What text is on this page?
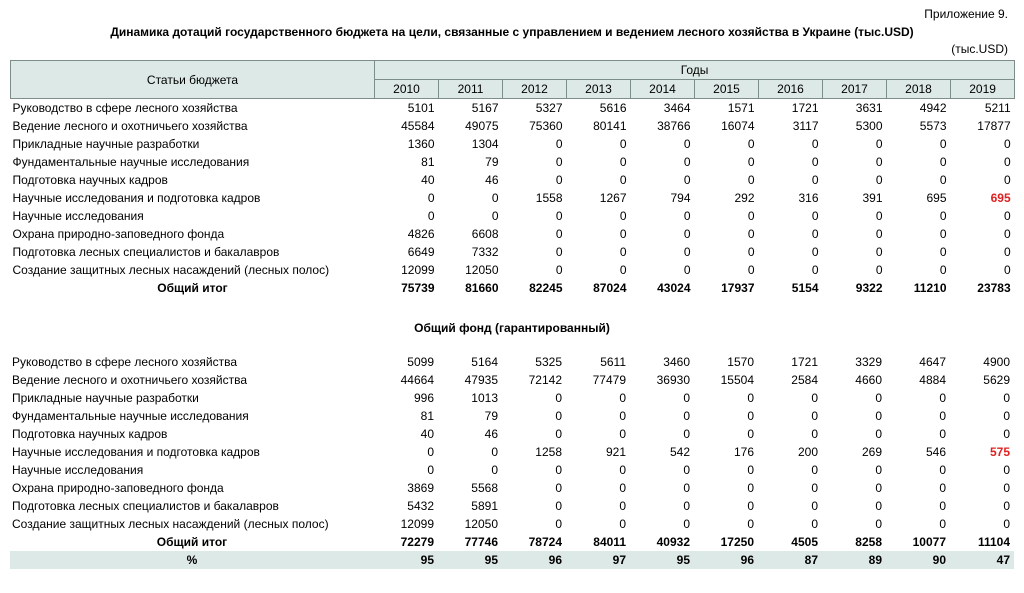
Приложение 9.
Динамика дотаций государственного бюджета на цели, связанные с управлением и ведением лесного хозяйства в Украине (тыс.USD)
(тыс.USD)
Статьи бюджета	Годы									
	2010	2011	2012	2013	2014	2015	2016	2017	2018	2019
Руководство в сфере лесного хозяйства	5101	5167	5327	5616	3464	1571	1721	3631	4942	5211
Ведение лесного и охотничьего хозяйства	45584	49075	75360	80141	38766	16074	3117	5300	5573	17877
Прикладные научные разработки	1360	1304	0	0	0	0	0	0	0	0
Фундаментальные научные исследования	81	79	0	0	0	0	0	0	0	0
Подготовка научных кадров	40	46	0	0	0	0	0	0	0	0
Научные исследования и подготовка кадров	0	0	1558	1267	794	292	316	391	695	695
Научные исследования	0	0	0	0	0	0	0	0	0	0
Охрана природно-заповедного фонда	4826	6608	0	0	0	0	0	0	0	0
Подготовка лесных специалистов и бакалавров	6649	7332	0	0	0	0	0	0	0	0
Создание защитных лесных насаждений (лесных полос)	12099	12050	0	0	0	0	0	0	0	0
Общий итог	75739	81660	82245	87024	43024	17937	5154	9322	11210	23783
Общий фонд (гарантированный)
Руководство в сфере лесного хозяйства	5099	5164	5325	5611	3460	1570	1721	3329	4647	4900
Ведение лесного и охотничьего хозяйства	44664	47935	72142	77479	36930	15504	2584	4660	4884	5629
Прикладные научные разработки	996	1013	0	0	0	0	0	0	0	0
Фундаментальные научные исследования	81	79	0	0	0	0	0	0	0	0
Подготовка научных кадров	40	46	0	0	0	0	0	0	0	0
Научные исследования и подготовка кадров	0	0	1258	921	542	176	200	269	546	575
Научные исследования	0	0	0	0	0	0	0	0	0	0
Охрана природно-заповедного фонда	3869	5568	0	0	0	0	0	0	0	0
Подготовка лесных специалистов и бакалавров	5432	5891	0	0	0	0	0	0	0	0
Создание защитных лесных насаждений (лесных полос)	12099	12050	0	0	0	0	0	0	0	0
Общий итог	72279	77746	78724	84011	40932	17250	4505	8258	10077	11104
%	95	95	96	97	95	96	87	89	90	47
